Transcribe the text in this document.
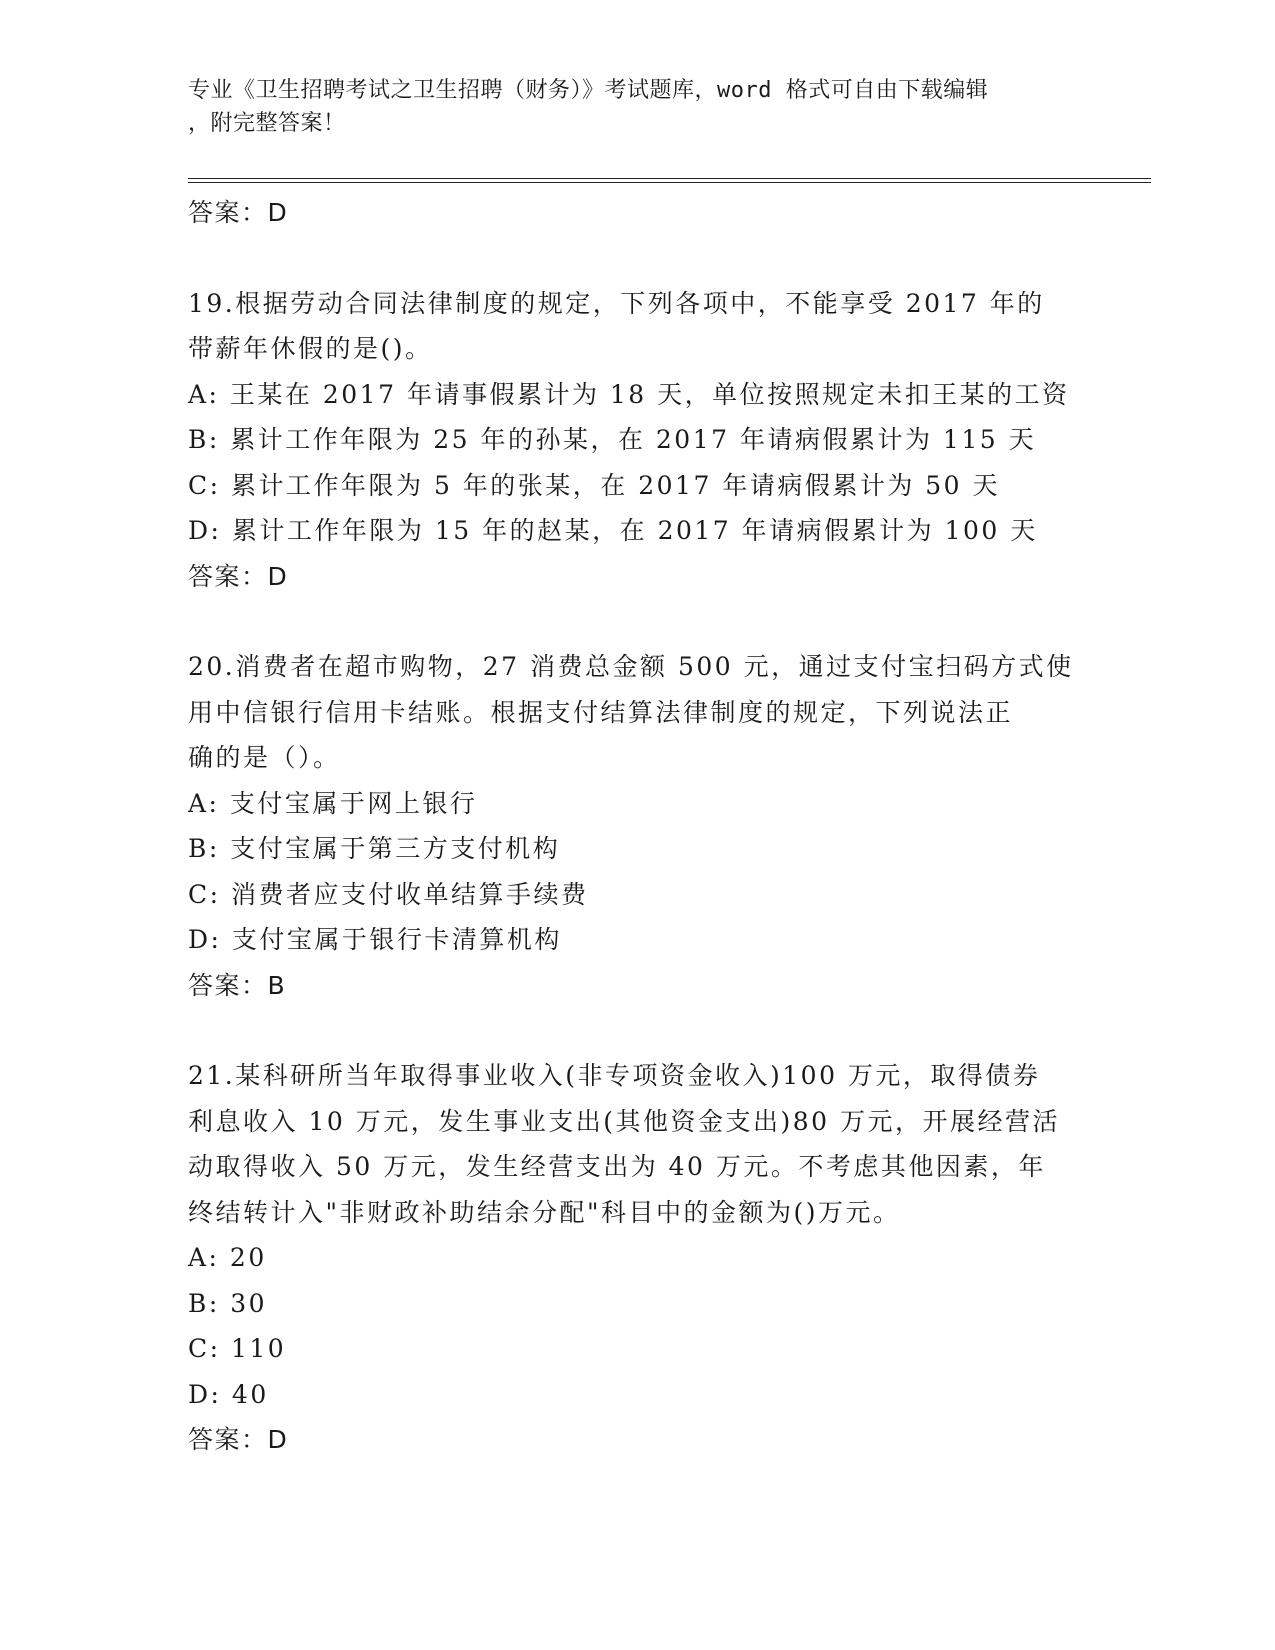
专业《卫生招聘考试之卫生招聘（财务）》考试题库，word 格式可自由下载编辑
，附完整答案！
答案：D
19.根据劳动合同法律制度的规定，下列各项中，不能享受 2017 年的
带薪年休假的是()。
A: 王某在 2017 年请事假累计为 18 天，单位按照规定未扣王某的工资
B: 累计工作年限为 25 年的孙某，在 2017 年请病假累计为 115 天
C: 累计工作年限为 5 年的张某，在 2017 年请病假累计为 50 天
D: 累计工作年限为 15 年的赵某，在 2017 年请病假累计为 100 天
答案：D
20.消费者在超市购物，27 消费总金额 500 元，通过支付宝扫码方式使
用中信银行信用卡结账。根据支付结算法律制度的规定，下列说法正
确的是（）。
A: 支付宝属于网上银行
B: 支付宝属于第三方支付机构
C: 消费者应支付收单结算手续费
D: 支付宝属于银行卡清算机构
答案：B
21.某科研所当年取得事业收入(非专项资金收入)100 万元，取得债券
利息收入 10 万元，发生事业支出(其他资金支出)80 万元，开展经营活
动取得收入 50 万元，发生经营支出为 40 万元。不考虑其他因素，年
终结转计入"非财政补助结余分配"科目中的金额为()万元。
A: 20
B: 30
C: 110
D: 40
答案：D
